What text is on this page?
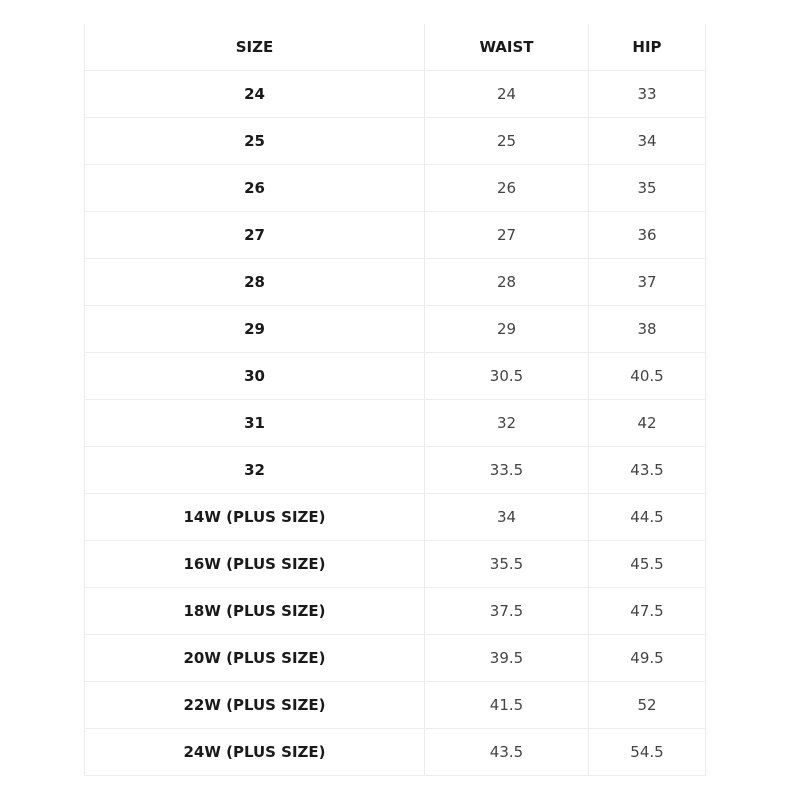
SIZE	WAIST	HIP
24	24	33
25	25	34
26	26	35
27	27	36
28	28	37
29	29	38
30	30.5	40.5
31	32	42
32	33.5	43.5
14W (PLUS SIZE)	34	44.5
16W (PLUS SIZE)	35.5	45.5
18W (PLUS SIZE)	37.5	47.5
20W (PLUS SIZE)	39.5	49.5
22W (PLUS SIZE)	41.5	52
24W (PLUS SIZE)	43.5	54.5
